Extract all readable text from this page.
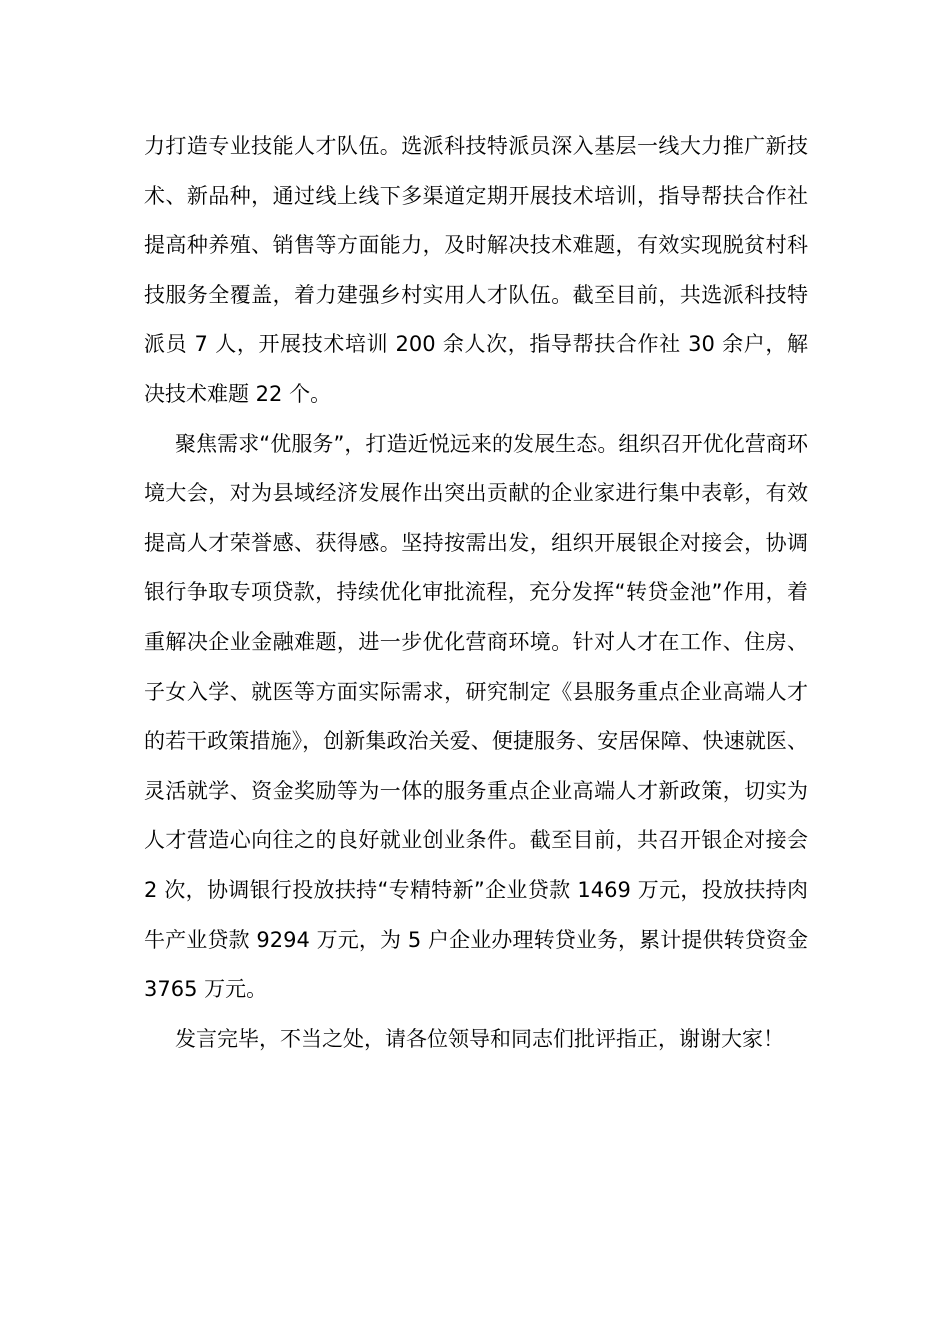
力打造专业技能人才队伍。选派科技特派员深入基层一线大力推广新技术、新品种，通过线上线下多渠道定期开展技术培训，指导帮扶合作社提高种养殖、销售等方面能力，及时解决技术难题，有效实现脱贫村科技服务全覆盖，着力建强乡村实用人才队伍。截至目前，共选派科技特派员 7 人，开展技术培训 200 余人次，指导帮扶合作社 30 余户，解决技术难题 22 个。

聚焦需求“优服务”，打造近悦远来的发展生态。组织召开优化营商环境大会，对为县域经济发展作出突出贡献的企业家进行集中表彰，有效提高人才荣誉感、获得感。坚持按需出发，组织开展银企对接会，协调银行争取专项贷款，持续优化审批流程，充分发挥“转贷金池”作用，着重解决企业金融难题，进一步优化营商环境。针对人才在工作、住房、子女入学、就医等方面实际需求，研究制定《县服务重点企业高端人才的若干政策措施》，创新集政治关爱、便捷服务、安居保障、快速就医、灵活就学、资金奖励等为一体的服务重点企业高端人才新政策，切实为人才营造心向往之的良好就业创业条件。截至目前，共召开银企对接会 2 次，协调银行投放扶持“专精特新”企业贷款 1469 万元，投放扶持肉牛产业贷款 9294 万元，为 5 户企业办理转贷业务，累计提供转贷资金 3765 万元。

发言完毕，不当之处，请各位领导和同志们批评指正，谢谢大家！
